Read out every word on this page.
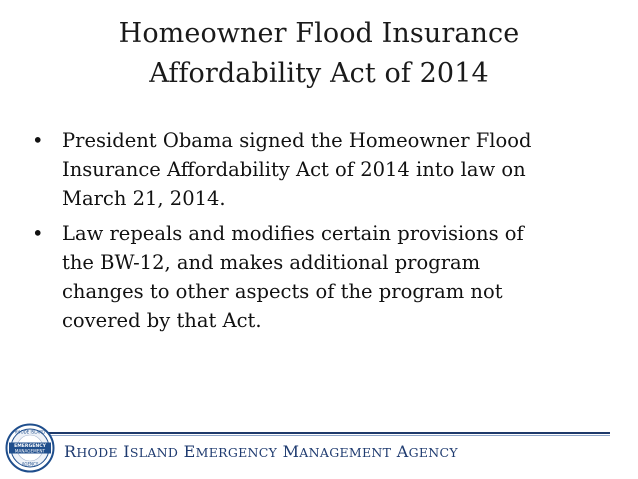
Homeowner Flood Insurance
Affordability Act of 2014
• President Obama signed the Homeowner Flood
Insurance Affordability Act of 2014 into law on
March 21, 2014.
• Law repeals and modifies certain provisions of
the BW-12, and makes additional program
changes to other aspects of the program not
covered by that Act.
RHODE ISLAND
EMERGENCY
MANAGEMENT
AGENCY
RHODE ISLAND EMERGENCY MANAGEMENT AGENCY
